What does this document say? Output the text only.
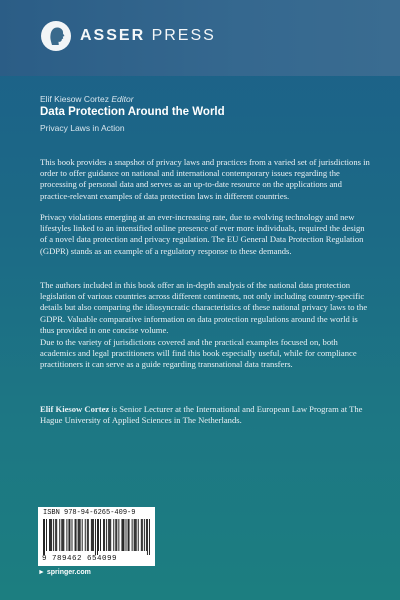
ASSER PRESS
Elif Kiesow Cortez Editor
Data Protection Around the World
Privacy Laws in Action

This book provides a snapshot of privacy laws and practices from a varied set of jurisdictions in order to offer guidance on national and international contemporary issues regarding the processing of personal data and serves as an up-to-date resource on the applications and practice-relevant examples of data protection laws in different countries.

Privacy violations emerging at an ever-increasing rate, due to evolving technology and new lifestyles linked to an intensified online presence of ever more individuals, required the design of a novel data protection and privacy regulation. The EU General Data Protection Regulation (GDPR) stands as an example of a regulatory response to these demands.

The authors included in this book offer an in-depth analysis of the national data protection legislation of various countries across different continents, not only including country-specific details but also comparing the idiosyncratic characteristics of these national privacy laws to the GDPR. Valuable comparative information on data protection regulations around the world is thus provided in one concise volume.

Due to the variety of jurisdictions covered and the practical examples focused on, both academics and legal practitioners will find this book especially useful, while for compliance practitioners it can serve as a guide regarding transnational data transfers.

Elif Kiesow Cortez is Senior Lecturer at the International and European Law Program at The Hague University of Applied Sciences in The Netherlands.

ISBN 978-94-6265-409-9
9 789462 654099
► springer.com
